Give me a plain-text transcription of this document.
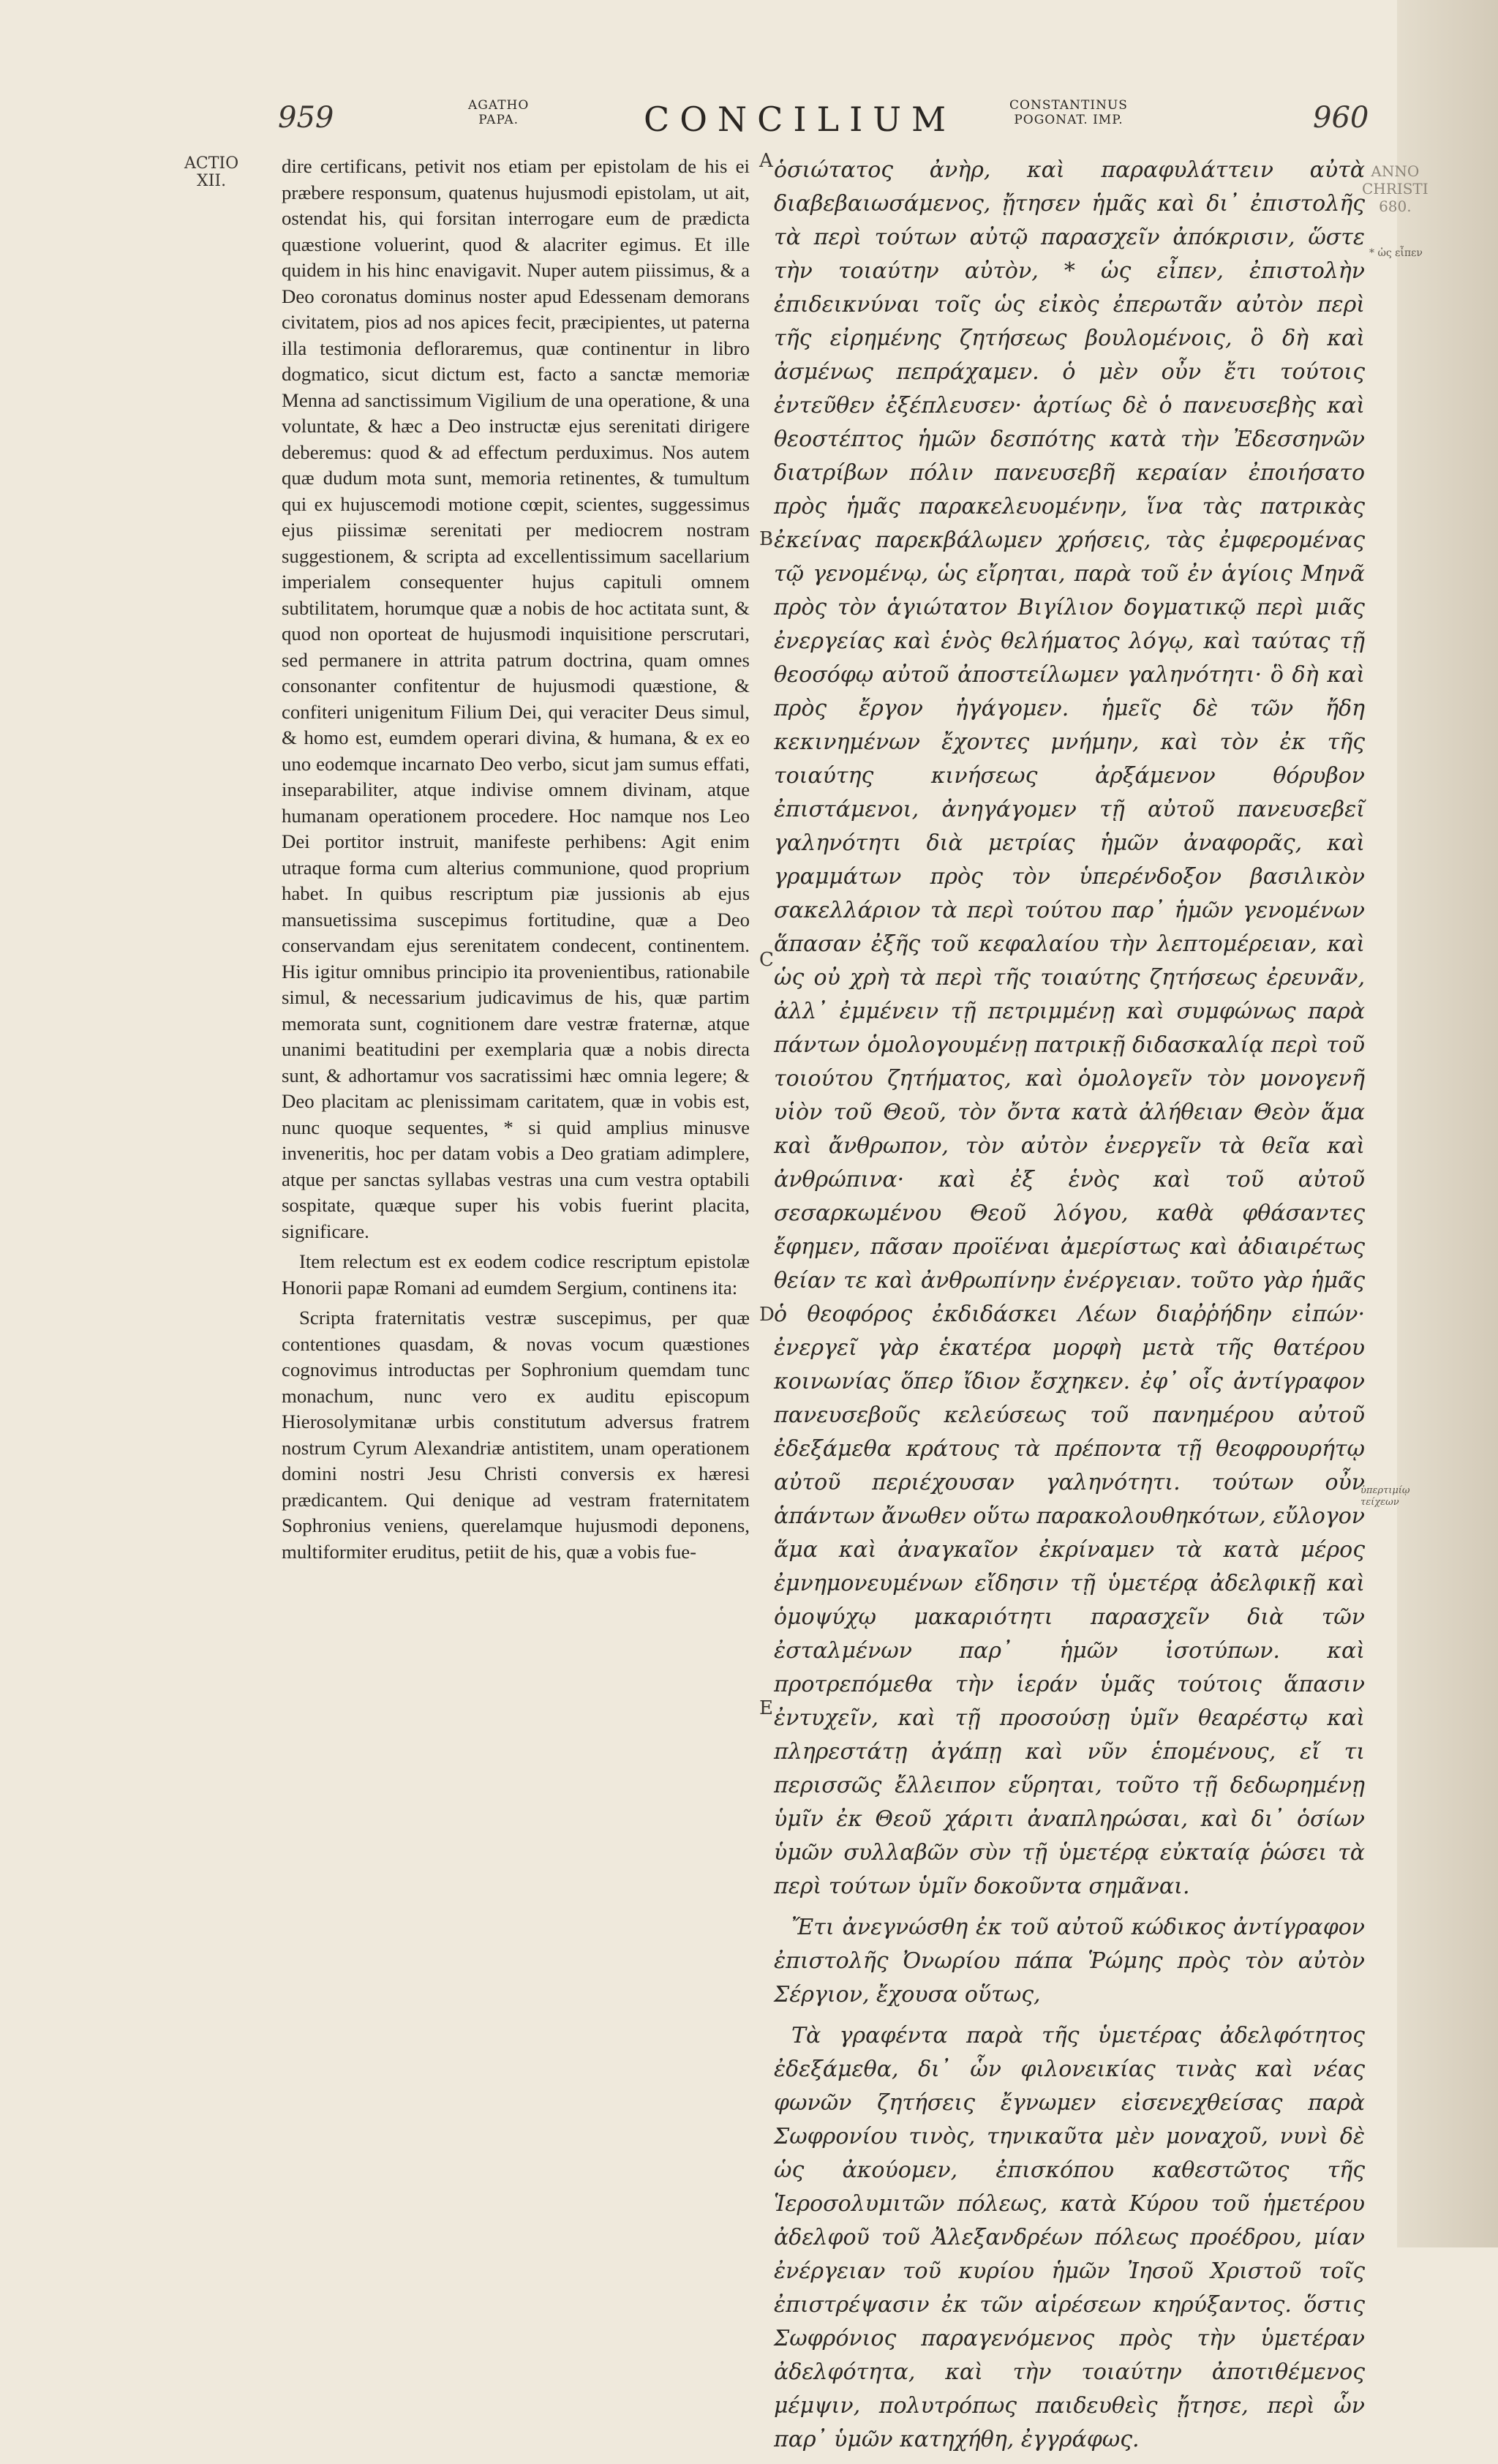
959	AGATHO
PAPA.	CONCILIUM	CONSTANTINUS
POGONAT. IMP.	960
ACTIO
XII.
ANNO
CHRISTI
680.
* ὡς εἶπεν
ὑπερτιμίῳ
τείχεων
A
B
C
D
E

dire certificans, petivit nos etiam per epistolam de his ei præbere responsum, quatenus hujusmodi epistolam, ut ait, ostendat his, qui forsitan interrogare eum de prædicta quæstione voluerint, quod & alacriter egimus. Et ille quidem in his hinc enavigavit. Nuper autem piissimus, & a Deo coronatus dominus noster apud Edessenam demorans civitatem, pios ad nos apices fecit, præcipientes, ut paterna illa testimonia defloraremus, quæ continentur in libro dogmatico, sicut dictum est, facto a sanctæ memoriæ Menna ad sanctissimum Vigilium de una operatione, & una voluntate, & hæc a Deo instructæ ejus serenitati dirigere deberemus: quod & ad effectum perduximus. Nos autem quæ dudum mota sunt, memoria retinentes, & tumultum qui ex hujuscemodi motione cœpit, scientes, suggessimus ejus piissimæ serenitati per mediocrem nostram suggestionem, & scripta ad excellentissimum sacellarium imperialem consequenter hujus capituli omnem subtilitatem, horumque quæ a nobis de hoc actitata sunt, & quod non oporteat de hujusmodi inquisitione perscrutari, sed permanere in attrita patrum doctrina, quam omnes consonanter confitentur de hujusmodi quæstione, & confiteri unigenitum Filium Dei, qui veraciter Deus simul, & homo est, eumdem operari divina, & humana, & ex eo uno eodemque incarnato Deo verbo, sicut jam sumus effati, inseparabiliter, atque indivise omnem divinam, atque humanam operationem procedere. Hoc namque nos Leo Dei portitor instruit, manifeste perhibens: Agit enim utraque forma cum alterius communione, quod proprium habet. In quibus rescriptum piæ jussionis ab ejus mansuetissima suscepimus fortitudine, quæ a Deo conservandam ejus serenitatem condecent, continentem. His igitur omnibus principio ita provenientibus, rationabile simul, & necessarium judicavimus de his, quæ partim memorata sunt, cognitionem dare vestræ fraternæ, atque unanimi beatitudini per exemplaria quæ a nobis directa sunt, & adhortamur vos sacratissimi hæc omnia legere; & Deo placitam ac plenissimam caritatem, quæ in vobis est, nunc quoque sequentes, * si quid amplius minusve inveneritis, hoc per datam vobis a Deo gratiam adimplere, atque per sanctas syllabas vestras una cum vestra optabili sospitate, quæque super his vobis fuerint placita, significare.

Item relectum est ex eodem codice rescriptum epistolæ Honorii papæ Romani ad eumdem Sergium, continens ita:

Scripta fraternitatis vestræ suscepimus, per quæ contentiones quasdam, & novas vocum quæstiones cognovimus introductas per Sophronium quemdam tunc monachum, nunc vero ex auditu episcopum Hierosolymitanæ urbis constitutum adversus fratrem nostrum Cyrum Alexandriæ antistitem, unam operationem domini nostri Jesu Christi conversis ex hæresi prædicantem. Qui denique ad vestram fraternitatem Sophronius veniens, querelamque hujusmodi deponens, multiformiter eruditus, petiit de his, quæ a vobis fue-

ὁσιώτατος ἀνὴρ, καὶ παραφυλάττειν αὐτὰ διαβεβαιωσάμενος, ᾔτησεν ἡμᾶς καὶ δι᾽ ἐπιστολῆς τὰ περὶ τούτων αὐτῷ παρασχεῖν ἀπόκρισιν, ὥστε τὴν τοιαύτην αὐτὸν, * ὡς εἶπεν, ἐπιστολὴν ἐπιδεικνύναι τοῖς ὡς εἰκὸς ἐπερωτᾶν αὐτὸν περὶ τῆς εἰρημένης ζητήσεως βουλομένοις, ὃ δὴ καὶ ἀσμένως πεπράχαμεν. ὁ μὲν οὖν ἔτι τούτοις ἐντεῦθεν ἐξέπλευσεν· ἀρτίως δὲ ὁ πανευσεβὴς καὶ θεοστέπτος ἡμῶν δεσπότης κατὰ τὴν Ἐδεσσηνῶν διατρίβων πόλιν πανευσεβῆ κεραίαν ἐποιήσατο πρὸς ἡμᾶς παρακελευομένην, ἵνα τὰς πατρικὰς ἐκείνας παρεκβάλωμεν χρήσεις, τὰς ἐμφερομένας τῷ γενομένῳ, ὡς εἴρηται, παρὰ τοῦ ἐν ἁγίοις Μηνᾶ πρὸς τὸν ἁγιώτατον Βιγίλιον δογματικῷ περὶ μιᾶς ἐνεργείας καὶ ἑνὸς θελήματος λόγῳ, καὶ ταύτας τῇ θεοσόφῳ αὐτοῦ ἀποστείλωμεν γαληνότητι· ὃ δὴ καὶ πρὸς ἔργον ἠγάγομεν. ἡμεῖς δὲ τῶν ἤδη κεκινημένων ἔχοντες μνήμην, καὶ τὸν ἐκ τῆς τοιαύτης κινήσεως ἀρξάμενον θόρυβον ἐπιστάμενοι, ἀνηγάγομεν τῇ αὐτοῦ πανευσεβεῖ γαληνότητι διὰ μετρίας ἡμῶν ἀναφορᾶς, καὶ γραμμάτων πρὸς τὸν ὑπερένδοξον βασιλικὸν σακελλάριον τὰ περὶ τούτου παρ᾽ ἡμῶν γενομένων ἅπασαν ἐξῆς τοῦ κεφαλαίου τὴν λεπτομέρειαν, καὶ ὡς οὐ χρὴ τὰ περὶ τῆς τοιαύτης ζητήσεως ἐρευνᾶν, ἀλλ᾽ ἐμμένειν τῇ πετριμμένῃ καὶ συμφώνως παρὰ πάντων ὁμολογουμένῃ πατρικῇ διδασκαλίᾳ περὶ τοῦ τοιούτου ζητήματος, καὶ ὁμολογεῖν τὸν μονογενῆ υἱὸν τοῦ Θεοῦ, τὸν ὄντα κατὰ ἀλήθειαν Θεὸν ἅμα καὶ ἄνθρωπον, τὸν αὐτὸν ἐνεργεῖν τὰ θεῖα καὶ ἀνθρώπινα· καὶ ἐξ ἑνὸς καὶ τοῦ αὐτοῦ σεσαρκωμένου Θεοῦ λόγου, καθὰ φθάσαντες ἔφημεν, πᾶσαν προϊέναι ἀμερίστως καὶ ἀδιαιρέτως θείαν τε καὶ ἀνθρωπίνην ἐνέργειαν. τοῦτο γὰρ ἡμᾶς ὁ θεοφόρος ἐκδιδάσκει Λέων διαῤῥήδην εἰπών· ἐνεργεῖ γὰρ ἑκατέρα μορφὴ μετὰ τῆς θατέρου κοινωνίας ὅπερ ἴδιον ἔσχηκεν. ἐφ᾽ οἷς ἀντίγραφον πανευσεβοῦς κελεύσεως τοῦ πανημέρου αὐτοῦ ἐδεξάμεθα κράτους τὰ πρέποντα τῇ θεοφρουρήτῳ αὐτοῦ περιέχουσαν γαληνότητι. τούτων οὖν ἁπάντων ἄνωθεν οὕτω παρακολουθηκότων, εὔλογον ἅμα καὶ ἀναγκαῖον ἐκρίναμεν τὰ κατὰ μέρος ἐμνημονευμένων εἴδησιν τῇ ὑμετέρᾳ ἀδελφικῇ καὶ ὁμοψύχῳ μακαριότητι παρασχεῖν διὰ τῶν ἐσταλμένων παρ᾽ ἡμῶν ἰσοτύπων. καὶ προτρεπόμεθα τὴν ἱεράν ὑμᾶς τούτοις ἅπασιν ἐντυχεῖν, καὶ τῇ προσούσῃ ὑμῖν θεαρέστῳ καὶ πληρεστάτῃ ἀγάπῃ καὶ νῦν ἑπομένους, εἴ τι περισσῶς ἔλλειπον εὕρηται, τοῦτο τῇ δεδωρημένῃ ὑμῖν ἐκ Θεοῦ χάριτι ἀναπληρώσαι, καὶ δι᾽ ὁσίων ὑμῶν συλλαβῶν σὺν τῇ ὑμετέρᾳ εὐκταίᾳ ῥώσει τὰ περὶ τούτων ὑμῖν δοκοῦντα σημᾶναι.

Ἔτι ἀνεγνώσθη ἐκ τοῦ αὐτοῦ κώδικος ἀντίγραφον ἐπιστολῆς Ὀνωρίου πάπα Ῥώμης πρὸς τὸν αὐτὸν Σέργιον, ἔχουσα οὕτως,

Τὰ γραφέντα παρὰ τῆς ὑμετέρας ἀδελφότητος ἐδεξάμεθα, δι᾽ ὧν φιλονεικίας τινὰς καὶ νέας φωνῶν ζητήσεις ἔγνωμεν εἰσενεχθείσας παρὰ Σωφρονίου τινὸς, τηνικαῦτα μὲν μοναχοῦ, νυνὶ δὲ ὡς ἀκούομεν, ἐπισκόπου καθεστῶτος τῆς Ἱεροσολυμιτῶν πόλεως, κατὰ Κύρου τοῦ ἡμετέρου ἀδελφοῦ τοῦ Ἀλεξανδρέων πόλεως προέδρου, μίαν ἐνέργειαν τοῦ κυρίου ἡμῶν Ἰησοῦ Χριστοῦ τοῖς ἐπιστρέψασιν ἐκ τῶν αἱρέσεων κηρύξαντος. ὅστις Σωφρόνιος παραγενόμενος πρὸς τὴν ὑμετέραν ἀδελφότητα, καὶ τὴν τοιαύτην ἀποτιθέμενος μέμψιν, πολυτρόπως παιδευθεὶς ᾔτησε, περὶ ὧν παρ᾽ ὑμῶν κατηχήθη, ἐγγράφως.
